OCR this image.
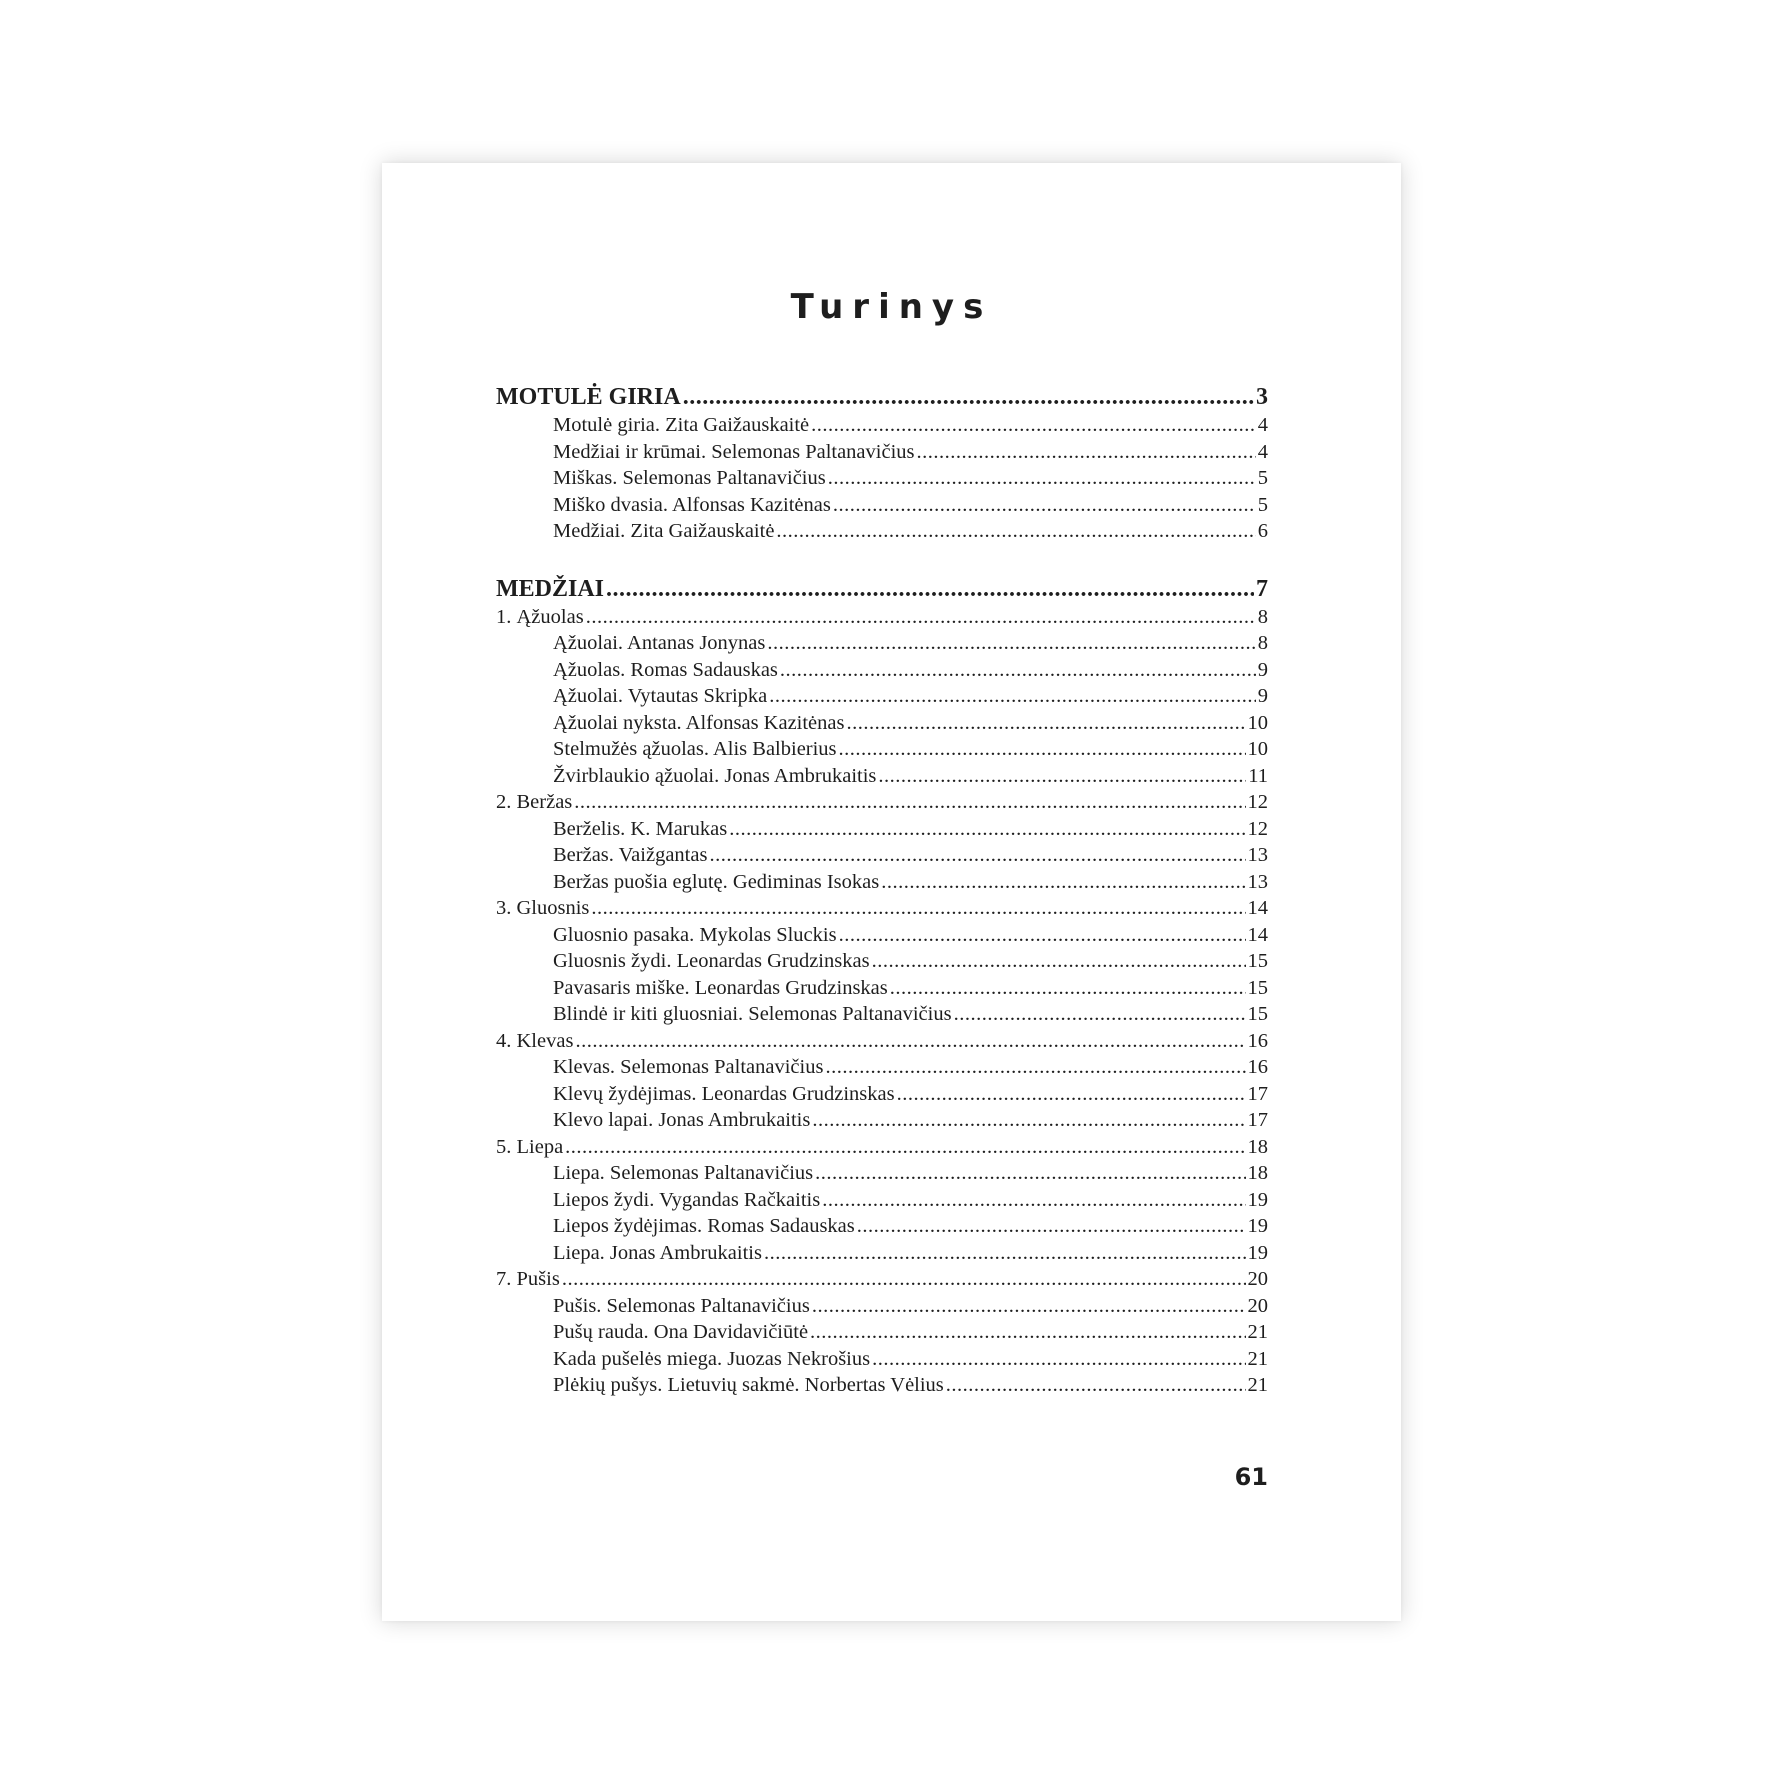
Turinys
MOTULĖ GIRIA .....	3
Motulė giria. Zita Gaižauskaitė .....	4
Medžiai ir krūmai. Selemonas Paltanavičius .....	4
Miškas. Selemonas Paltanavičius .....	5
Miško dvasia. Alfonsas Kazitėnas .....	5
Medžiai. Zita Gaižauskaitė .....	6
MEDŽIAI .....	7
1. Ąžuolas .....	8
Ąžuolai. Antanas Jonynas .....	8
Ąžuolas. Romas Sadauskas .....	9
Ąžuolai. Vytautas Skripka .....	9
Ąžuolai nyksta. Alfonsas Kazitėnas .....	10
Stelmužės ąžuolas. Alis Balbierius .....	10
Žvirblaukio ąžuolai. Jonas Ambrukaitis .....	11
2. Beržas .....	12
Berželis. K. Marukas .....	12
Beržas. Vaižgantas .....	13
Beržas puošia eglutę. Gediminas Isokas .....	13
3. Gluosnis .....	14
Gluosnio pasaka. Mykolas Sluckis .....	14
Gluosnis žydi. Leonardas Grudzinskas .....	15
Pavasaris miške. Leonardas Grudzinskas .....	15
Blindė ir kiti gluosniai. Selemonas Paltanavičius .....	15
4. Klevas .....	16
Klevas. Selemonas Paltanavičius .....	16
Klevų žydėjimas. Leonardas Grudzinskas .....	17
Klevo lapai. Jonas Ambrukaitis .....	17
5. Liepa .....	18
Liepa. Selemonas Paltanavičius .....	18
Liepos žydi. Vygandas Račkaitis .....	19
Liepos žydėjimas. Romas Sadauskas .....	19
Liepa. Jonas Ambrukaitis .....	19
7. Pušis .....	20
Pušis. Selemonas Paltanavičius .....	20
Pušų rauda. Ona Davidavičiūtė .....	21
Kada pušelės miega. Juozas Nekrošius .....	21
Plėkių pušys. Lietuvių sakmė. Norbertas Vėlius .....	21
61
